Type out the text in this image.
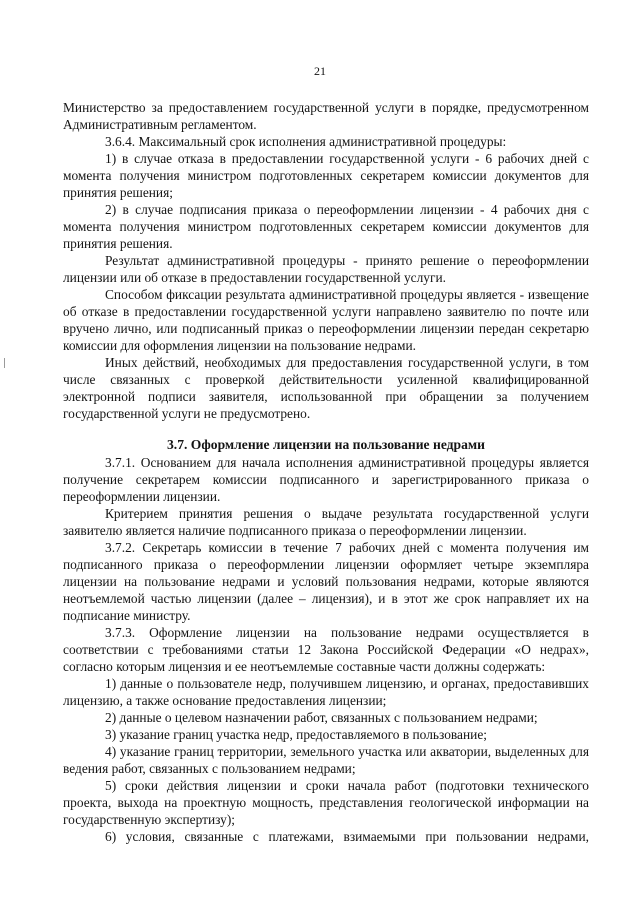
21

Министерство за предоставлением государственной услуги в порядке, предусмотренном Административным регламентом.

3.6.4. Максимальный срок исполнения административной процедуры:

1) в случае отказа в предоставлении государственной услуги - 6 рабочих дней с момента получения министром подготовленных секретарем комиссии документов для принятия решения;

2) в случае подписания приказа о переоформлении лицензии - 4 рабочих дня с момента получения министром подготовленных секретарем комиссии документов для принятия решения.

Результат административной процедуры - принято решение о переоформлении лицензии или об отказе в предоставлении государственной услуги.

Способом фиксации результата административной процедуры является - извещение об отказе в предоставлении государственной услуги направлено заявителю по почте или вручено лично, или подписанный приказ о переоформлении лицензии передан секретарю комиссии для оформления лицензии на пользование недрами.

Иных действий, необходимых для предоставления государственной услуги, в том числе связанных с проверкой действительности усиленной квалифицированной электронной подписи заявителя, использованной при обращении за получением государственной услуги не предусмотрено.

3.7. Оформление лицензии на пользование недрами

3.7.1. Основанием для начала исполнения административной процедуры является получение секретарем комиссии подписанного и зарегистрированного приказа о переоформлении лицензии.

Критерием принятия решения о выдаче результата государственной услуги заявителю является наличие подписанного приказа о переоформлении лицензии.

3.7.2. Секретарь комиссии в течение 7 рабочих дней с момента получения им подписанного приказа о переоформлении лицензии оформляет четыре экземпляра лицензии на пользование недрами и условий пользования недрами, которые являются неотъемлемой частью лицензии (далее – лицензия), и в этот же срок направляет их на подписание министру.

3.7.3. Оформление лицензии на пользование недрами осуществляется в соответствии с требованиями статьи 12 Закона Российской Федерации «О недрах», согласно которым лицензия и ее неотъемлемые составные части должны содержать:

1) данные о пользователе недр, получившем лицензию, и органах, предоставивших лицензию, а также основание предоставления лицензии;

2) данные о целевом назначении работ, связанных с пользованием недрами;

3) указание границ участка недр, предоставляемого в пользование;

4) указание границ территории, земельного участка или акватории, выделенных для ведения работ, связанных с пользованием недрами;

5) сроки действия лицензии и сроки начала работ (подготовки технического проекта, выхода на проектную мощность, представления геологической информации на государственную экспертизу);

6) условия, связанные с платежами, взимаемыми при пользовании недрами,
